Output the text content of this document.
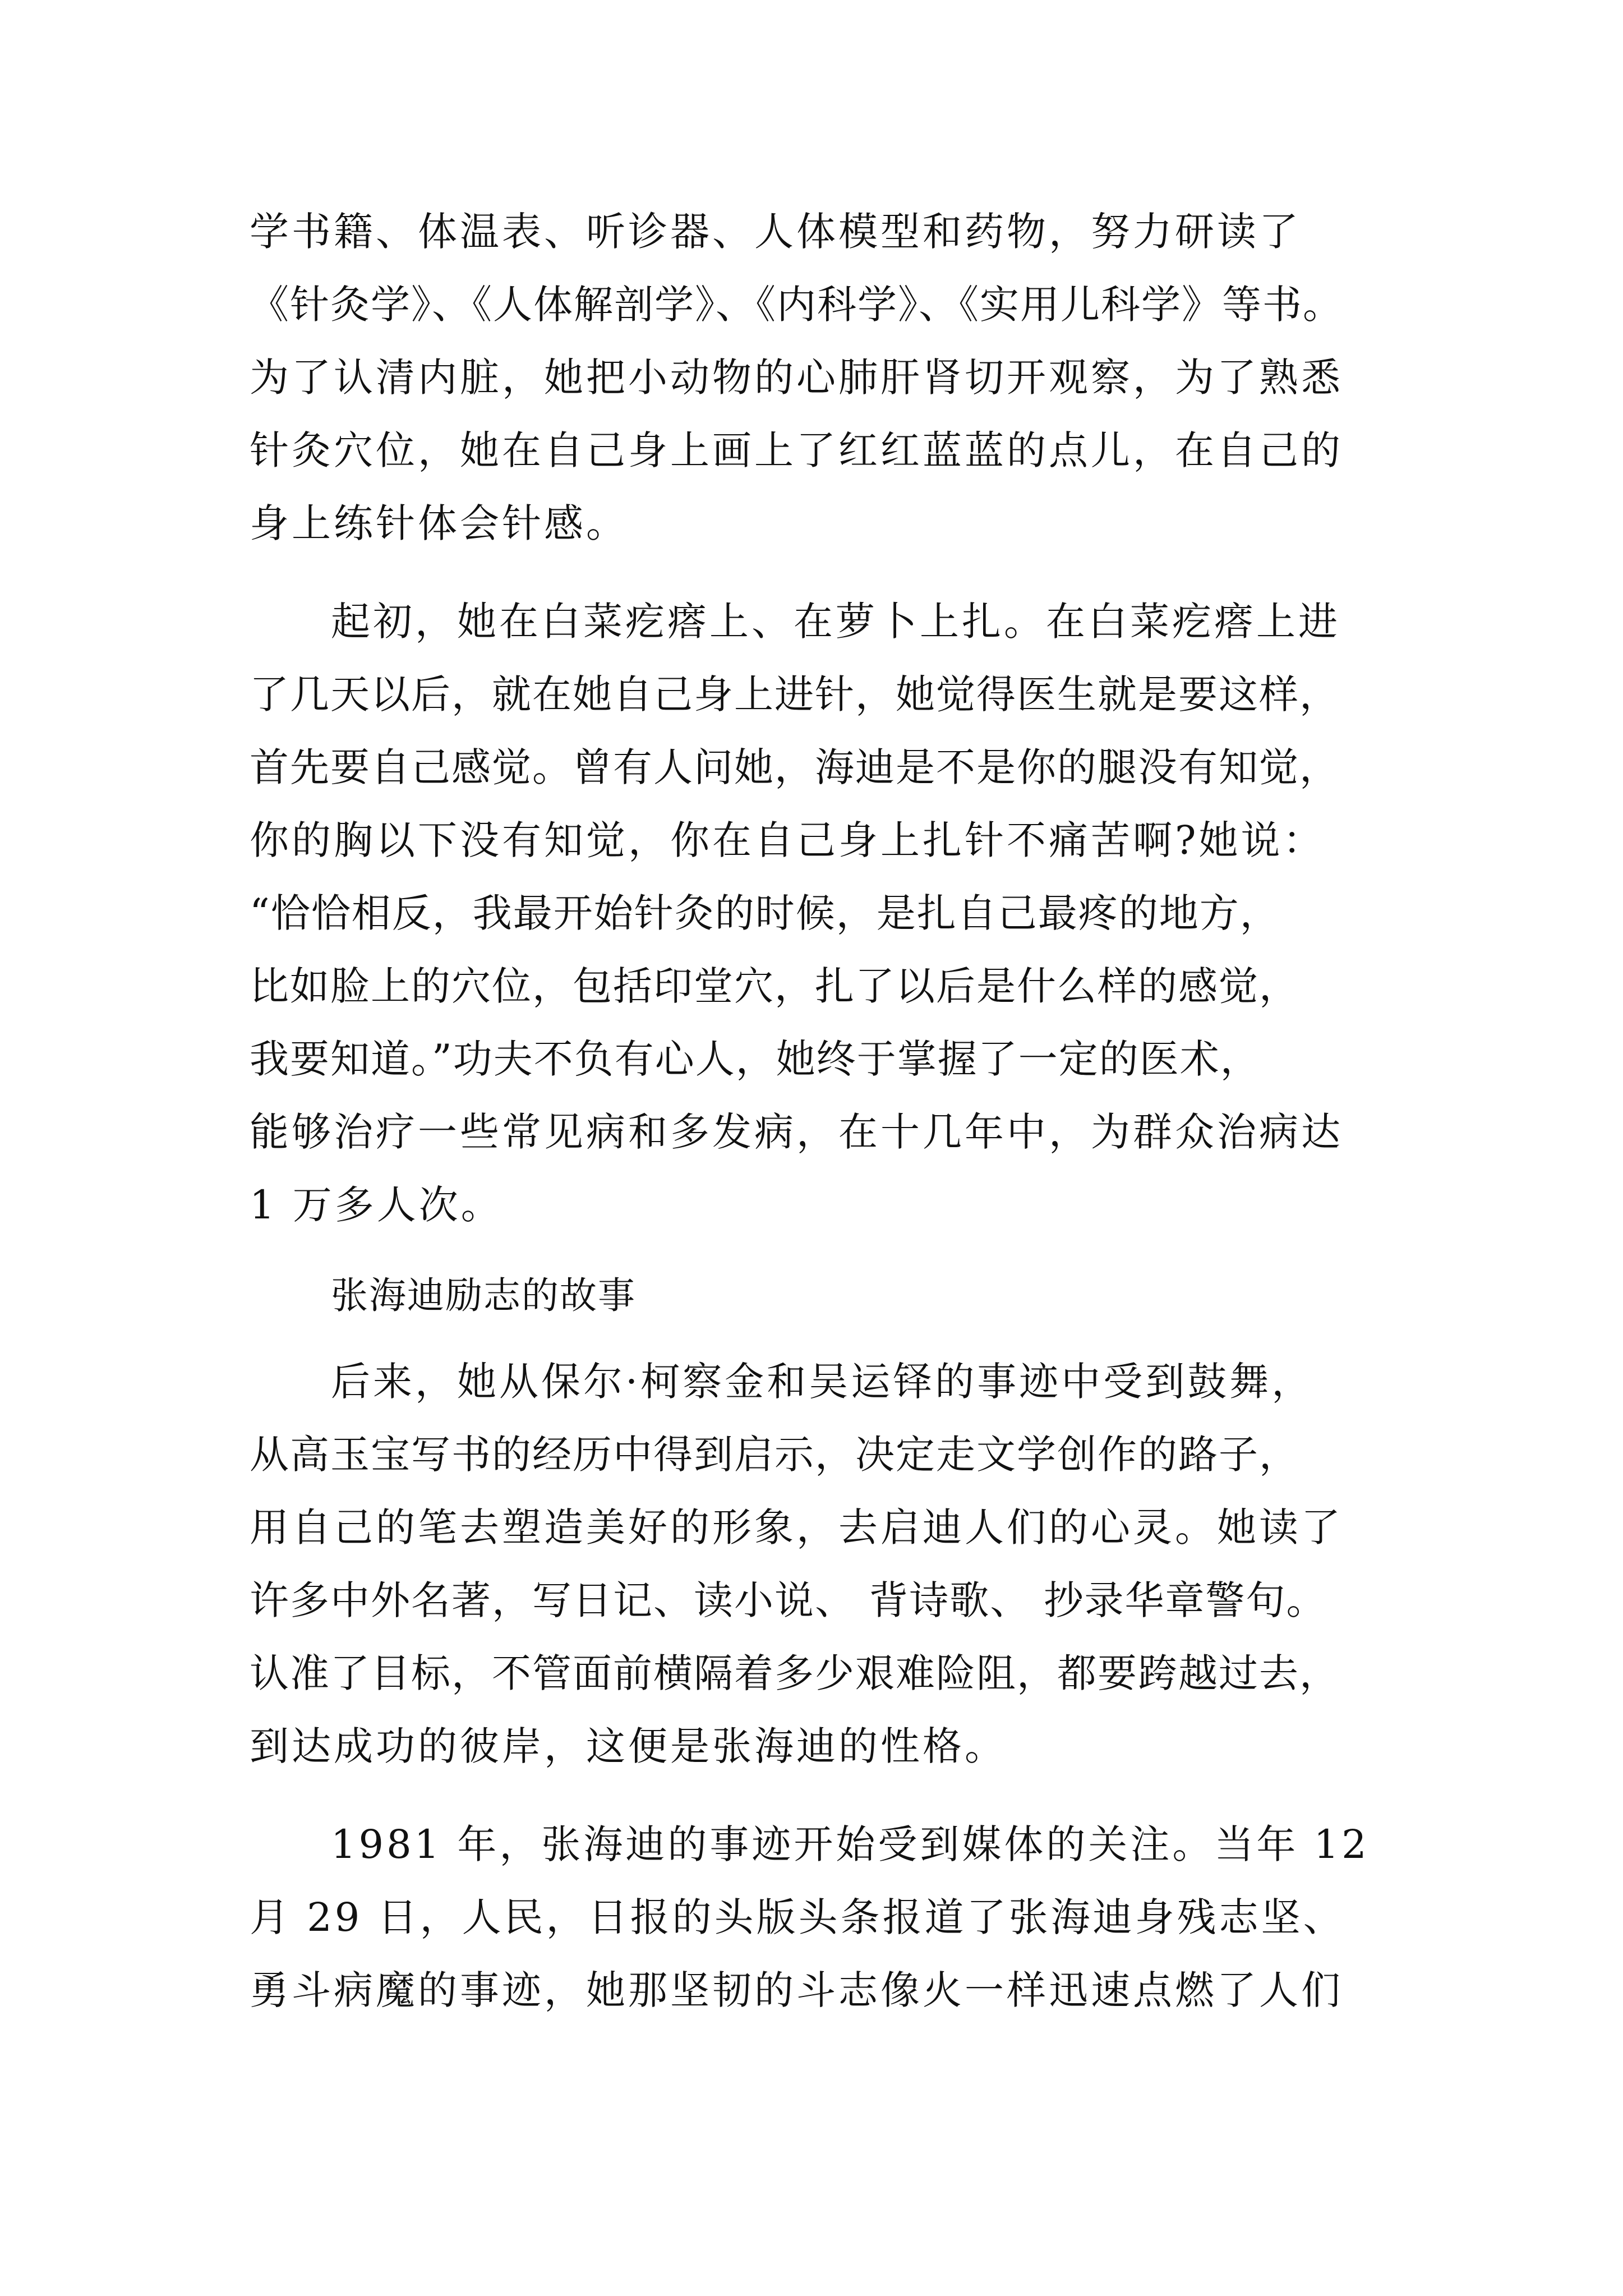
学书籍、体温表、听诊器、人体模型和药物，努力研读了
《针灸学》、《人体解剖学》、《内科学》、《实用儿科学》等书。
为了认清内脏，她把小动物的心肺肝肾切开观察，为了熟悉
针灸穴位，她在自己身上画上了红红蓝蓝的点儿，在自己的
身上练针体会针感。
起初，她在白菜疙瘩上、在萝卜上扎。在白菜疙瘩上进
了几天以后，就在她自己身上进针，她觉得医生就是要这样，
首先要自己感觉。曾有人问她，海迪是不是你的腿没有知觉，
你的胸以下没有知觉，你在自己身上扎针不痛苦啊?她说：
“恰恰相反，我最开始针灸的时候，是扎自己最疼的地方，
比如脸上的穴位，包括印堂穴，扎了以后是什么样的感觉，
我要知道。”功夫不负有心人，她终于掌握了一定的医术，
能够治疗一些常见病和多发病，在十几年中，为群众治病达
1 万多人次。
张海迪励志的故事
后来，她从保尔·柯察金和吴运铎的事迹中受到鼓舞，
从高玉宝写书的经历中得到启示，决定走文学创作的路子，
用自己的笔去塑造美好的形象，去启迪人们的心灵。她读了
许多中外名著，写日记、读小说、 背诗歌、 抄录华章警句。
认准了目标，不管面前横隔着多少艰难险阻，都要跨越过去，
到达成功的彼岸，这便是张海迪的性格。
1981 年，张海迪的事迹开始受到媒体的关注。当年 12
月 29 日，人民，日报的头版头条报道了张海迪身残志坚、
勇斗病魔的事迹，她那坚韧的斗志像火一样迅速点燃了人们
